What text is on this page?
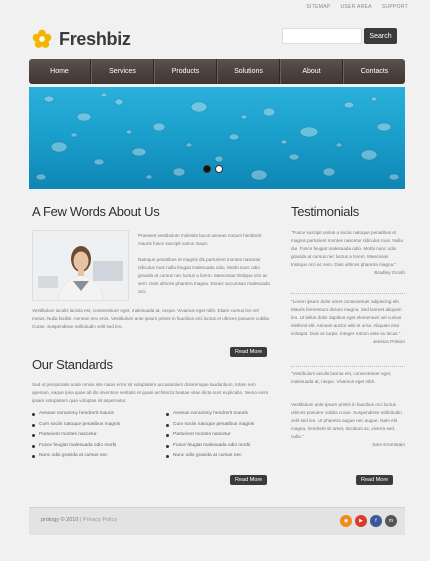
SITEMAP USER AREA SUPPORT
Freshbiz	Search
Home	Services	Products	Solutions	About	Contacts
A Few Words About Us
Praesent vestibulum molestie lacus aenean nonum hendrerit mauris fusce suscipit varius mauri.
Natoque penatibus et magnis dis parturient montes nascetur ridiculus mus nulla feugiat malesuada odio. Morbi nunc odio gravida at cursus nec luctus a lorem. Maecenas tristique orci ac sem. Duis ultrices pharetra magna. Donec accumsan malesuada orci.
Vestibulum iaculis lacinia est, consectetuer eget, malesuada at, neque. Vivamus eget nibh. Etiam cursus leo vel metus. Nulla facilisi. Aenean nec eros. Vestibulum ante ipsum primis in faucibus orci luctus et ultrices posuere cubilia Curae. Suspendisse sollicitudin velit sed leo.
Read More
Our Standards
Sed ut perspiciatis unde omnis iste natus error sit voluptatem accusantium doloremque laudantium, totam rem aperiam, eaque ipsa quae ab illo inventore veritatis et quasi architecto beatae vitae dicta sunt explicabo. Nemo enim ipsam voluptatem quia voluptas sit aspernatur.
Aenean nonummy hendrerit mauris
Cum sociis natoque penatibus magnis
Parturient montes nascetur
Fusce feugiat malesuada odio morbi
Nunc odio gravida at cursus nec
Aenean nonummy hendrerit mauris
Cum sociis natoque penatibus magnis
Parturient montes nascetur
Fusce feugiat malesuada odio morbi
Nunc odio gravida at cursus nec
Read More
Testimonials
"Fusce suscipit varius a sociis natoque penatibus et magnis parturient montes nascetur ridiculus mus. Nulla dui. Fusce feugiat malesuada odio. Morbi nunc odio gravida at cursus nec luctus a lorem. Maecenas tristique orci ac sem. Duis ultrices pharetra magna."
Bradley Grosh
"Lorem ipsum dolor amet consectetuer adipiscing elit. Mauris fermentum dictum magna. Sed laoreet aliquam leo. Ut tellus dolor dapibus eget elementum vel cursus eleifend elit. Aenean auctor wisi et urna. Aliquam erat volutpat. Duis ac turpis. Integer rutrum ante eu lacus."
Jessica Priston
"Vestibulum iaculis lacinia est, consectetuer eget, malesuada at, neque. Vivamus eget nibh.
Vestibulum ante ipsum primis in faucibus orci luctus ultrices posuere cubilia curae. Suspendisse sollicitudin velit sed leo. Ut pharetra augue nec augue. Nam elit magna, hendrerit sit amet, tincidunt ac, viverra sed, nulla."
Sam Kromstain
Read More
prology © 2010 | Privacy Policy	◉	▶	f	m
